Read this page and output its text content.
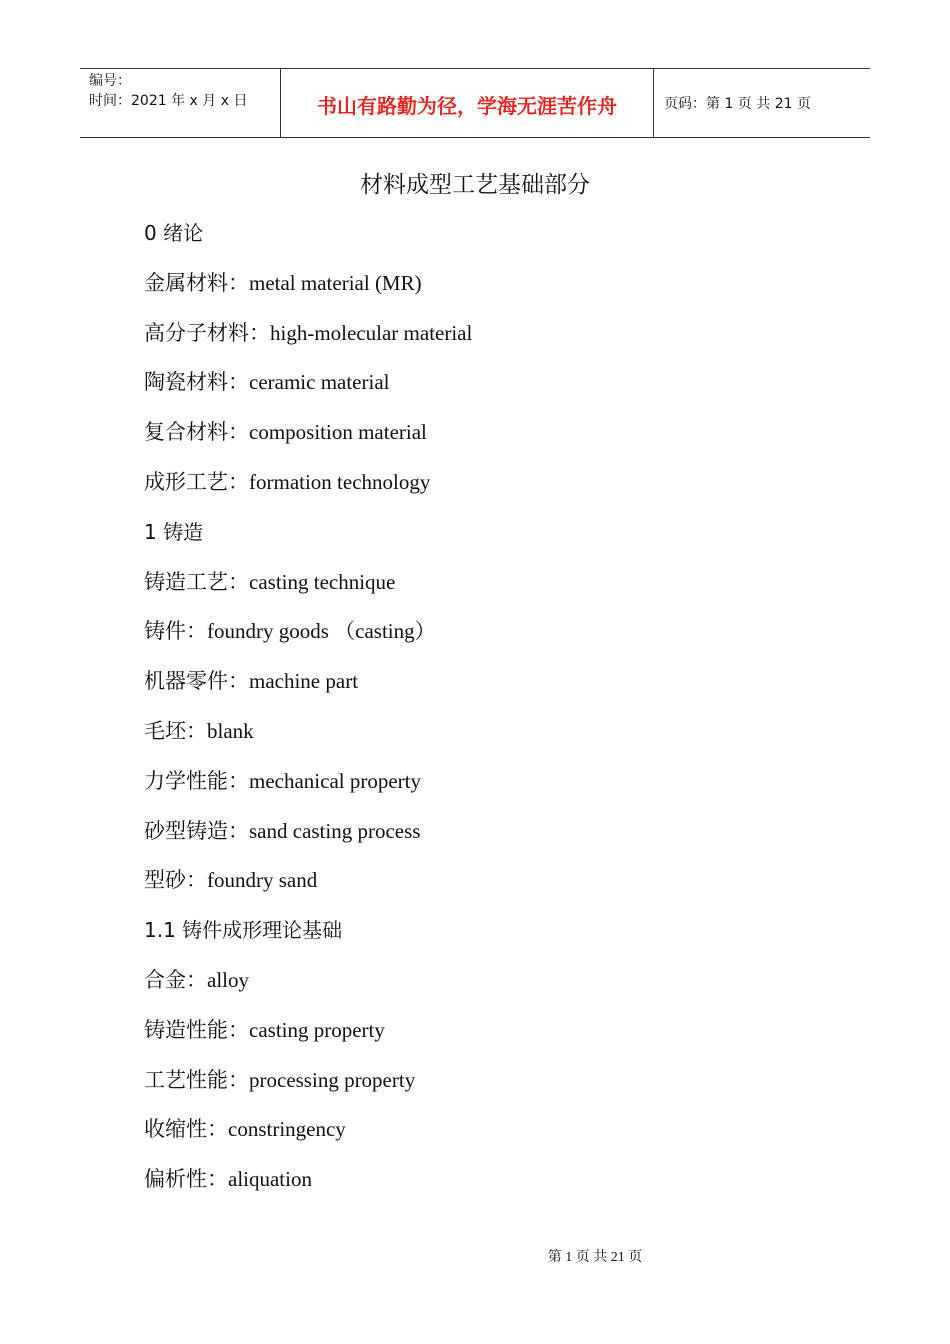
编号：
时间：2021 年 x 月 x 日	书山有路勤为径，学海无涯苦作舟	页码：第 1 页 共 21 页
材料成型工艺基础部分
0 绪论
金属材料：metal material (MR)
高分子材料：high-molecular material
陶瓷材料：ceramic material
复合材料：composition material
成形工艺：formation technology
1 铸造
铸造工艺：casting technique
铸件：foundry goods （casting）
机器零件：machine part
毛坯：blank
力学性能：mechanical property
砂型铸造：sand casting process
型砂：foundry sand
1.1 铸件成形理论基础
合金：alloy
铸造性能：casting property
工艺性能：processing property
收缩性：constringency
偏析性：aliquation
第 1 页 共 21 页
